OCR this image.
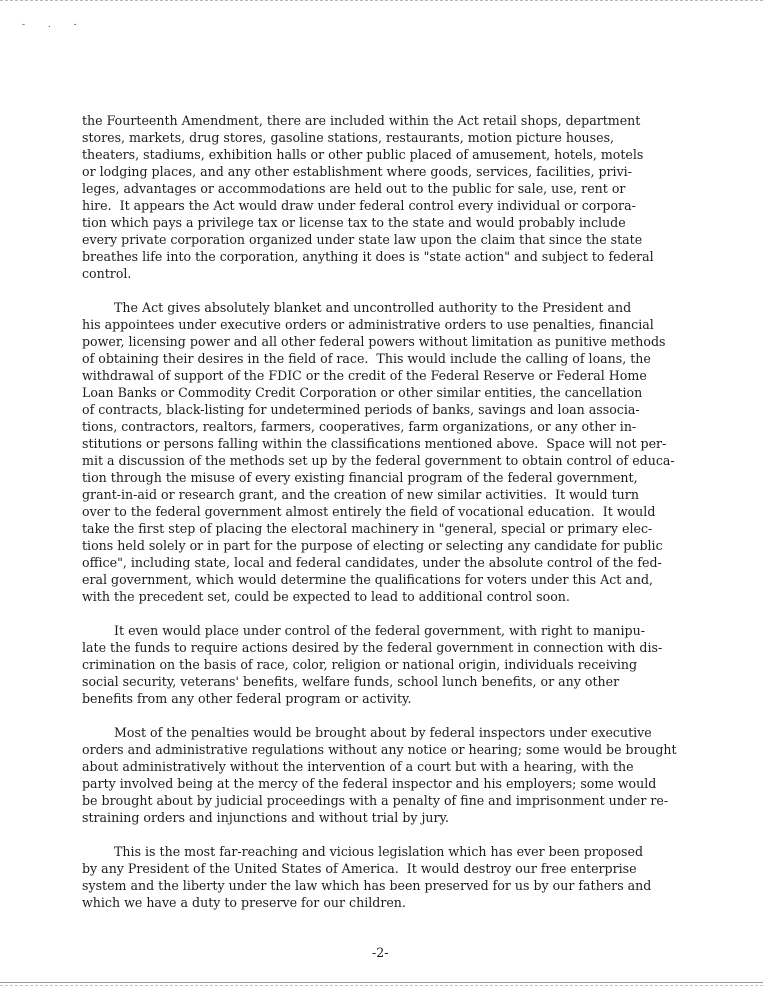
- . -

the Fourteenth Amendment, there are included within the Act retail shops, department
stores, markets, drug stores, gasoline stations, restaurants, motion picture houses,
theaters, stadiums, exhibition halls or other public placed of amusement, hotels, motels
or lodging places, and any other establishment where goods, services, facilities, privi-
leges, advantages or accommodations are held out to the public for sale, use, rent or
hire.  It appears the Act would draw under federal control every individual or corpora-
tion which pays a privilege tax or license tax to the state and would probably include
every private corporation organized under state law upon the claim that since the state
breathes life into the corporation, anything it does is "state action" and subject to federal
control.

The Act gives absolutely blanket and uncontrolled authority to the President and
his appointees under executive orders or administrative orders to use penalties, financial
power, licensing power and all other federal powers without limitation as punitive methods
of obtaining their desires in the field of race.  This would include the calling of loans, the
withdrawal of support of the FDIC or the credit of the Federal Reserve or Federal Home
Loan Banks or Commodity Credit Corporation or other similar entities, the cancellation
of contracts, black-listing for undetermined periods of banks, savings and loan associa-
tions, contractors, realtors, farmers, cooperatives, farm organizations, or any other in-
stitutions or persons falling within the classifications mentioned above.  Space will not per-
mit a discussion of the methods set up by the federal government to obtain control of educa-
tion through the misuse of every existing financial program of the federal government,
grant-in-aid or research grant, and the creation of new similar activities.  It would turn
over to the federal government almost entirely the field of vocational education.  It would
take the first step of placing the electoral machinery in "general, special or primary elec-
tions held solely or in part for the purpose of electing or selecting any candidate for public
office", including state, local and federal candidates, under the absolute control of the fed-
eral government, which would determine the qualifications for voters under this Act and,
with the precedent set, could be expected to lead to additional control soon.

It even would place under control of the federal government, with right to manipu-
late the funds to require actions desired by the federal government in connection with dis-
crimination on the basis of race, color, religion or national origin, individuals receiving
social security, veterans' benefits, welfare funds, school lunch benefits, or any other
benefits from any other federal program or activity.

Most of the penalties would be brought about by federal inspectors under executive
orders and administrative regulations without any notice or hearing; some would be brought
about administratively without the intervention of a court but with a hearing, with the
party involved being at the mercy of the federal inspector and his employers; some would
be brought about by judicial proceedings with a penalty of fine and imprisonment under re-
straining orders and injunctions and without trial by jury.

This is the most far-reaching and vicious legislation which has ever been proposed
by any President of the United States of America.  It would destroy our free enterprise
system and the liberty under the law which has been preserved for us by our fathers and
which we have a duty to preserve for our children.

-2-
